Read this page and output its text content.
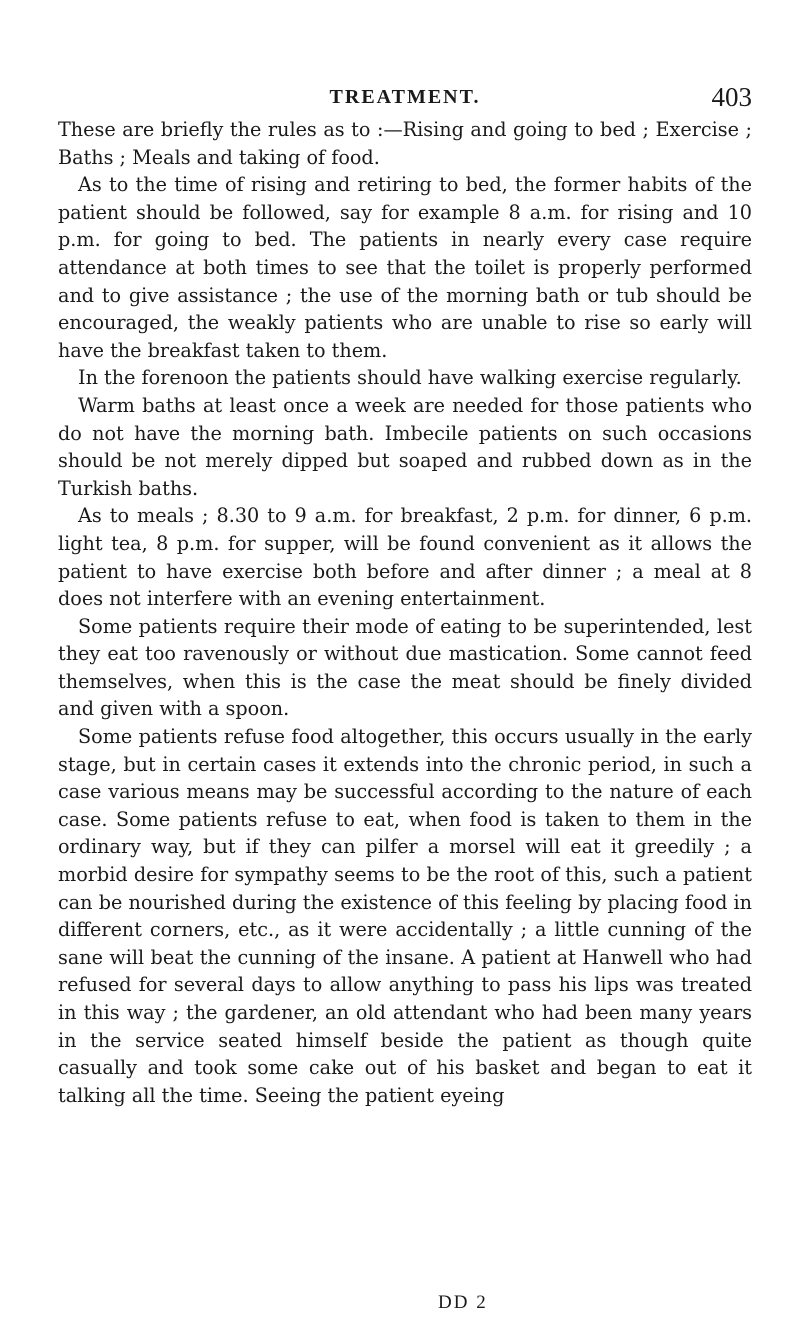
TREATMENT.	403

These are briefly the rules as to :—Rising and going to bed ; Exercise ; Baths ; Meals and taking of food.

As to the time of rising and retiring to bed, the former habits of the patient should be followed, say for example 8 a.m. for rising and 10 p.m. for going to bed. The patients in nearly every case require attendance at both times to see that the toilet is properly performed and to give assistance ; the use of the morning bath or tub should be encouraged, the weakly patients who are unable to rise so early will have the breakfast taken to them.

In the forenoon the patients should have walking exercise regularly.

Warm baths at least once a week are needed for those patients who do not have the morning bath. Imbecile patients on such occasions should be not merely dipped but soaped and rubbed down as in the Turkish baths.

As to meals ; 8.30 to 9 a.m. for breakfast, 2 p.m. for dinner, 6 p.m. light tea, 8 p.m. for supper, will be found convenient as it allows the patient to have exercise both before and after dinner ; a meal at 8 does not interfere with an evening entertainment.

Some patients require their mode of eating to be superintended, lest they eat too ravenously or without due mastication. Some cannot feed themselves, when this is the case the meat should be finely divided and given with a spoon.

Some patients refuse food altogether, this occurs usually in the early stage, but in certain cases it extends into the chronic period, in such a case various means may be successful according to the nature of each case. Some patients refuse to eat, when food is taken to them in the ordinary way, but if they can pilfer a morsel will eat it greedily ; a morbid desire for sympathy seems to be the root of this, such a patient can be nourished during the existence of this feeling by placing food in different corners, etc., as it were accidentally ; a little cunning of the sane will beat the cunning of the insane. A patient at Hanwell who had refused for several days to allow anything to pass his lips was treated in this way ; the gardener, an old attendant who had been many years in the service seated himself beside the patient as though quite casually and took some cake out of his basket and began to eat it talking all the time. Seeing the patient eyeing

DD 2
